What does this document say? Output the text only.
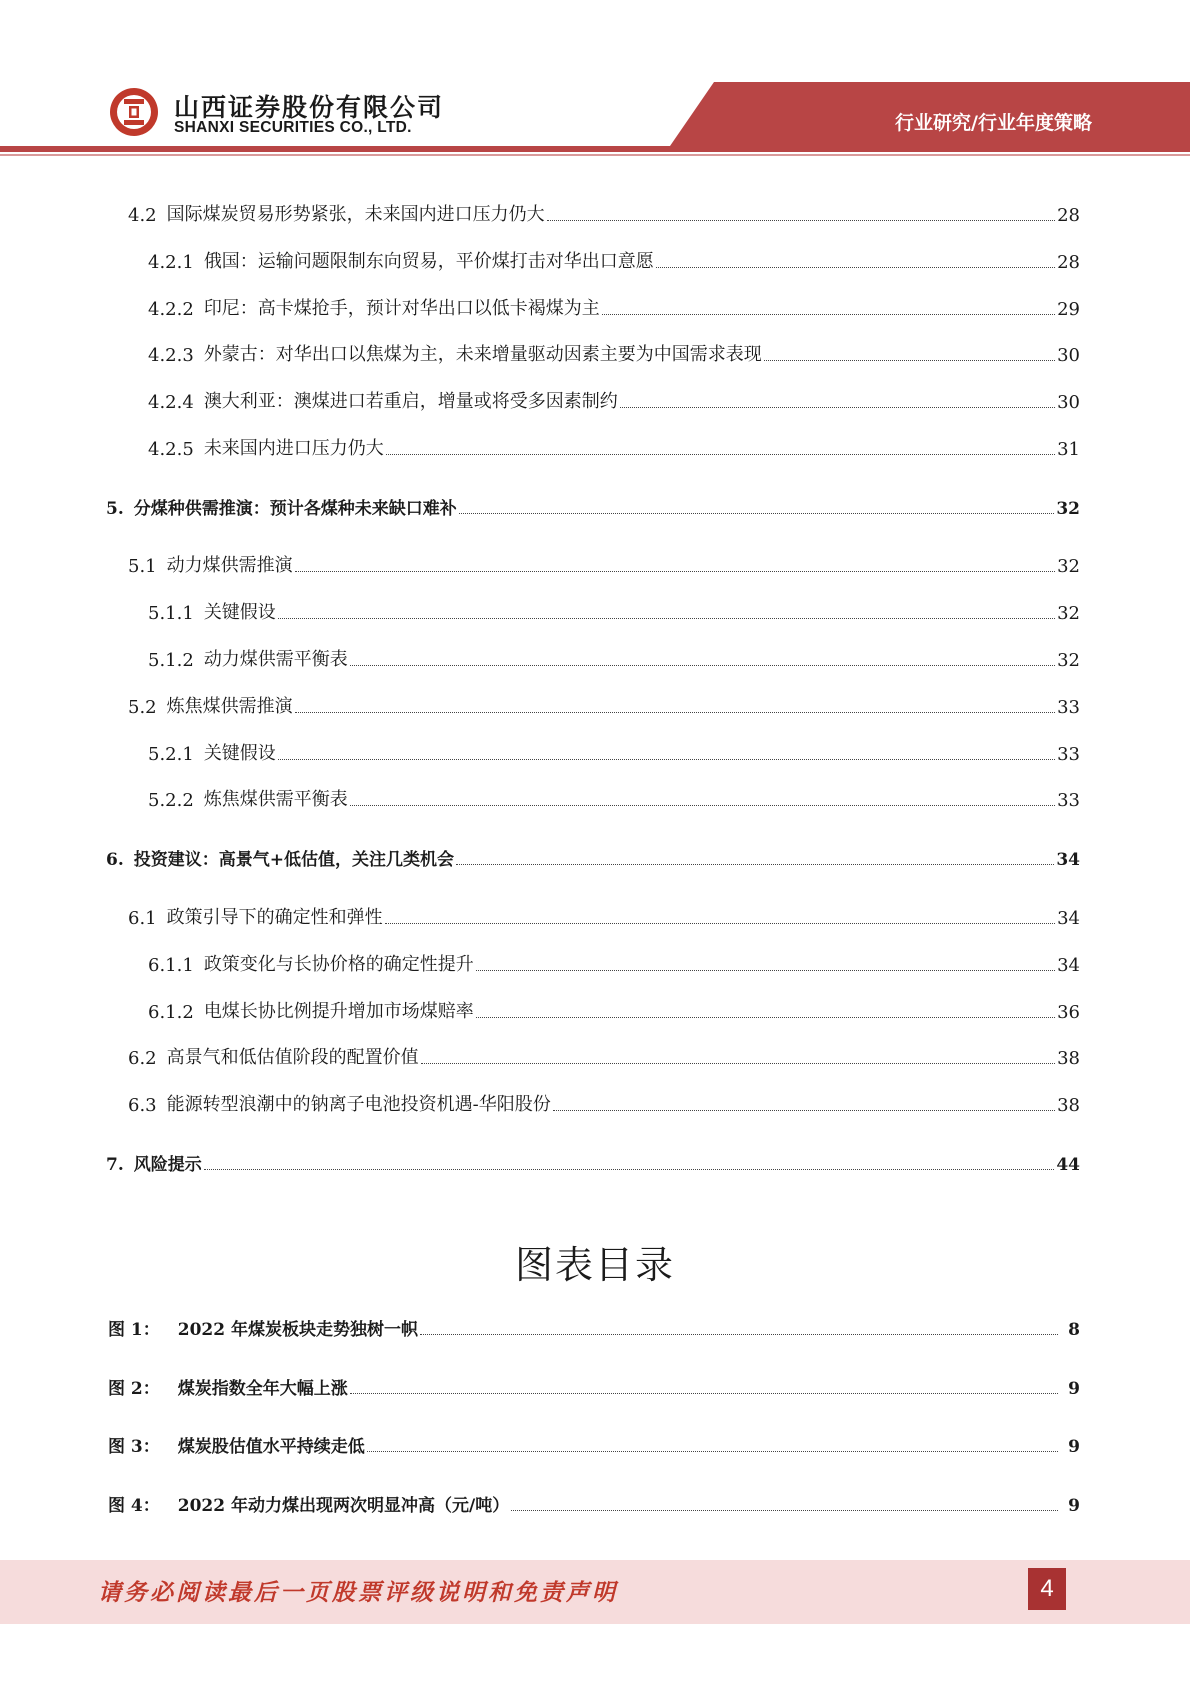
山西证券股份有限公司
SHANXI SECURITIES CO., LTD.	行业研究/行业年度策略
4.2 国际煤炭贸易形势紧张，未来国内进口压力仍大	28
4.2.1 俄国：运输问题限制东向贸易，平价煤打击对华出口意愿	28
4.2.2 印尼：高卡煤抢手，预计对华出口以低卡褐煤为主	29
4.2.3 外蒙古：对华出口以焦煤为主，未来增量驱动因素主要为中国需求表现	30
4.2.4 澳大利亚：澳煤进口若重启，增量或将受多因素制约	30
4.2.5 未来国内进口压力仍大	31
5. 分煤种供需推演：预计各煤种未来缺口难补	32
5.1 动力煤供需推演	32
5.1.1 关键假设	32
5.1.2 动力煤供需平衡表	32
5.2 炼焦煤供需推演	33
5.2.1 关键假设	33
5.2.2 炼焦煤供需平衡表	33
6. 投资建议：高景气+低估值，关注几类机会	34
6.1 政策引导下的确定性和弹性	34
6.1.1 政策变化与长协价格的确定性提升	34
6.1.2 电煤长协比例提升增加市场煤赔率	36
6.2 高景气和低估值阶段的配置价值	38
6.3 能源转型浪潮中的钠离子电池投资机遇-华阳股份	38
7. 风险提示	44
图表目录
图 1： 2022 年煤炭板块走势独树一帜	8
图 2： 煤炭指数全年大幅上涨	9
图 3： 煤炭股估值水平持续走低	9
图 4： 2022 年动力煤出现两次明显冲高（元/吨）	9
请务必阅读最后一页股票评级说明和免责声明	4
